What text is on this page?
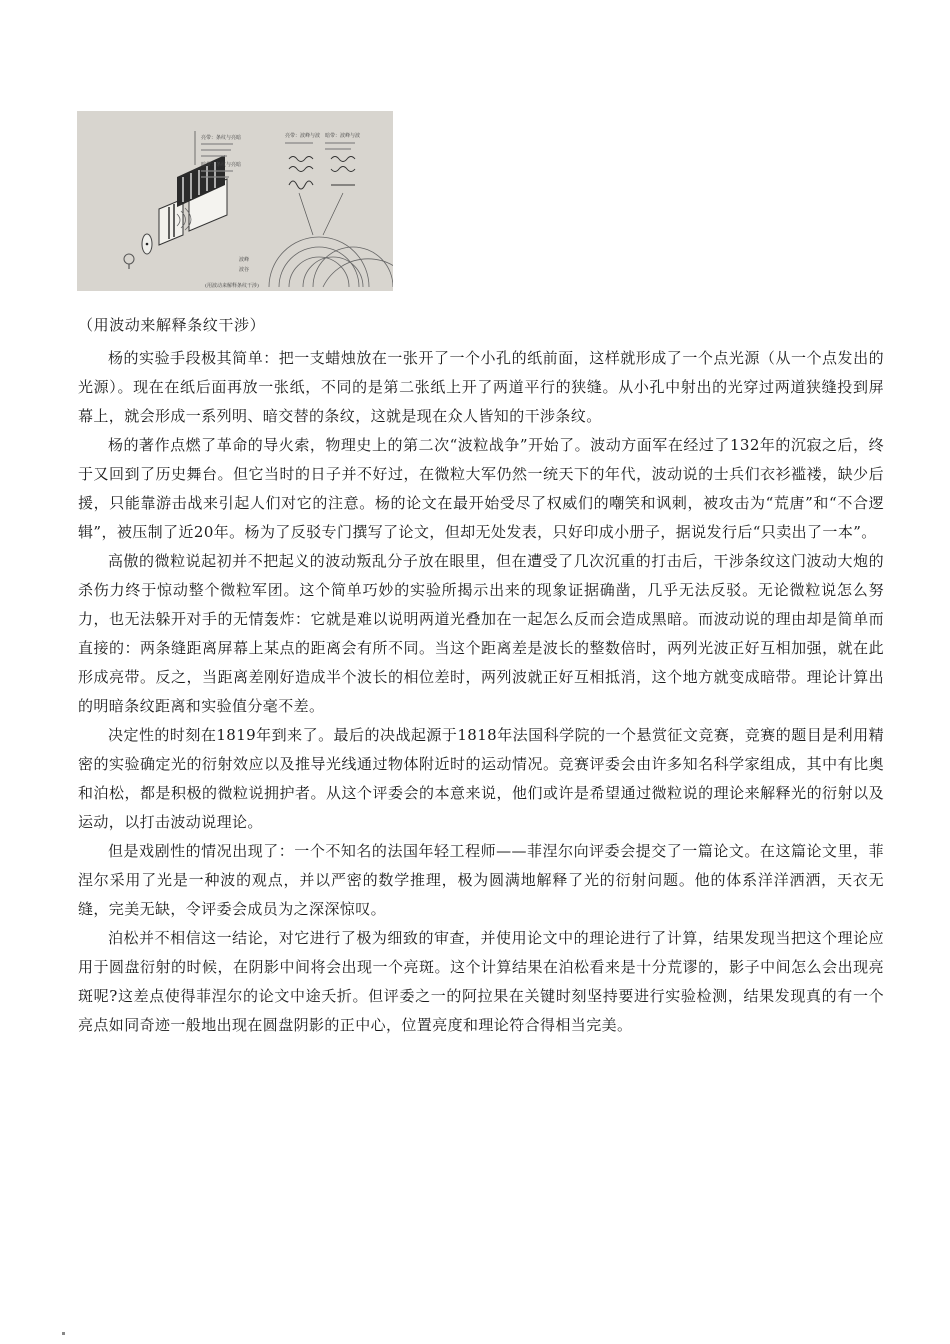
亮带：条纹与亮暗
暗带：条纹与亮暗
亮带：波峰与波 暗带：波峰与波
波峰
波谷
(用波动来解释条纹干涉)
（用波动来解释条纹干涉）

杨的实验手段极其简单：把一支蜡烛放在一张开了一个小孔的纸前面，这样就形成了一个点光源（从一个点发出的光源）。现在在纸后面再放一张纸，不同的是第二张纸上开了两道平行的狭缝。从小孔中射出的光穿过两道狭缝投到屏幕上，就会形成一系列明、暗交替的条纹，这就是现在众人皆知的干涉条纹。

杨的著作点燃了革命的导火索，物理史上的第二次“波粒战争”开始了。波动方面军在经过了132年的沉寂之后，终于又回到了历史舞台。但它当时的日子并不好过，在微粒大军仍然一统天下的年代，波动说的士兵们衣衫褴褛，缺少后援，只能靠游击战来引起人们对它的注意。杨的论文在最开始受尽了权威们的嘲笑和讽刺，被攻击为“荒唐”和“不合逻辑”，被压制了近20年。杨为了反驳专门撰写了论文，但却无处发表，只好印成小册子，据说发行后“只卖出了一本”。

高傲的微粒说起初并不把起义的波动叛乱分子放在眼里，但在遭受了几次沉重的打击后，干涉条纹这门波动大炮的杀伤力终于惊动整个微粒军团。这个简单巧妙的实验所揭示出来的现象证据确凿，几乎无法反驳。无论微粒说怎么努力，也无法躲开对手的无情轰炸：它就是难以说明两道光叠加在一起怎么反而会造成黑暗。而波动说的理由却是简单而直接的：两条缝距离屏幕上某点的距离会有所不同。当这个距离差是波长的整数倍时，两列光波正好互相加强，就在此形成亮带。反之，当距离差刚好造成半个波长的相位差时，两列波就正好互相抵消，这个地方就变成暗带。理论计算出的明暗条纹距离和实验值分毫不差。

决定性的时刻在1819年到来了。最后的决战起源于1818年法国科学院的一个悬赏征文竞赛，竞赛的题目是利用精密的实验确定光的衍射效应以及推导光线通过物体附近时的运动情况。竞赛评委会由许多知名科学家组成，其中有比奥和泊松，都是积极的微粒说拥护者。从这个评委会的本意来说，他们或许是希望通过微粒说的理论来解释光的衍射以及运动，以打击波动说理论。

但是戏剧性的情况出现了：一个不知名的法国年轻工程师——菲涅尔向评委会提交了一篇论文。在这篇论文里，菲涅尔采用了光是一种波的观点，并以严密的数学推理，极为圆满地解释了光的衍射问题。他的体系洋洋洒洒，天衣无缝，完美无缺，令评委会成员为之深深惊叹。

泊松并不相信这一结论，对它进行了极为细致的审查，并使用论文中的理论进行了计算，结果发现当把这个理论应用于圆盘衍射的时候，在阴影中间将会出现一个亮斑。这个计算结果在泊松看来是十分荒谬的，影子中间怎么会出现亮斑呢?这差点使得菲涅尔的论文中途夭折。但评委之一的阿拉果在关键时刻坚持要进行实验检测，结果发现真的有一个亮点如同奇迹一般地出现在圆盘阴影的正中心，位置亮度和理论符合得相当完美。
